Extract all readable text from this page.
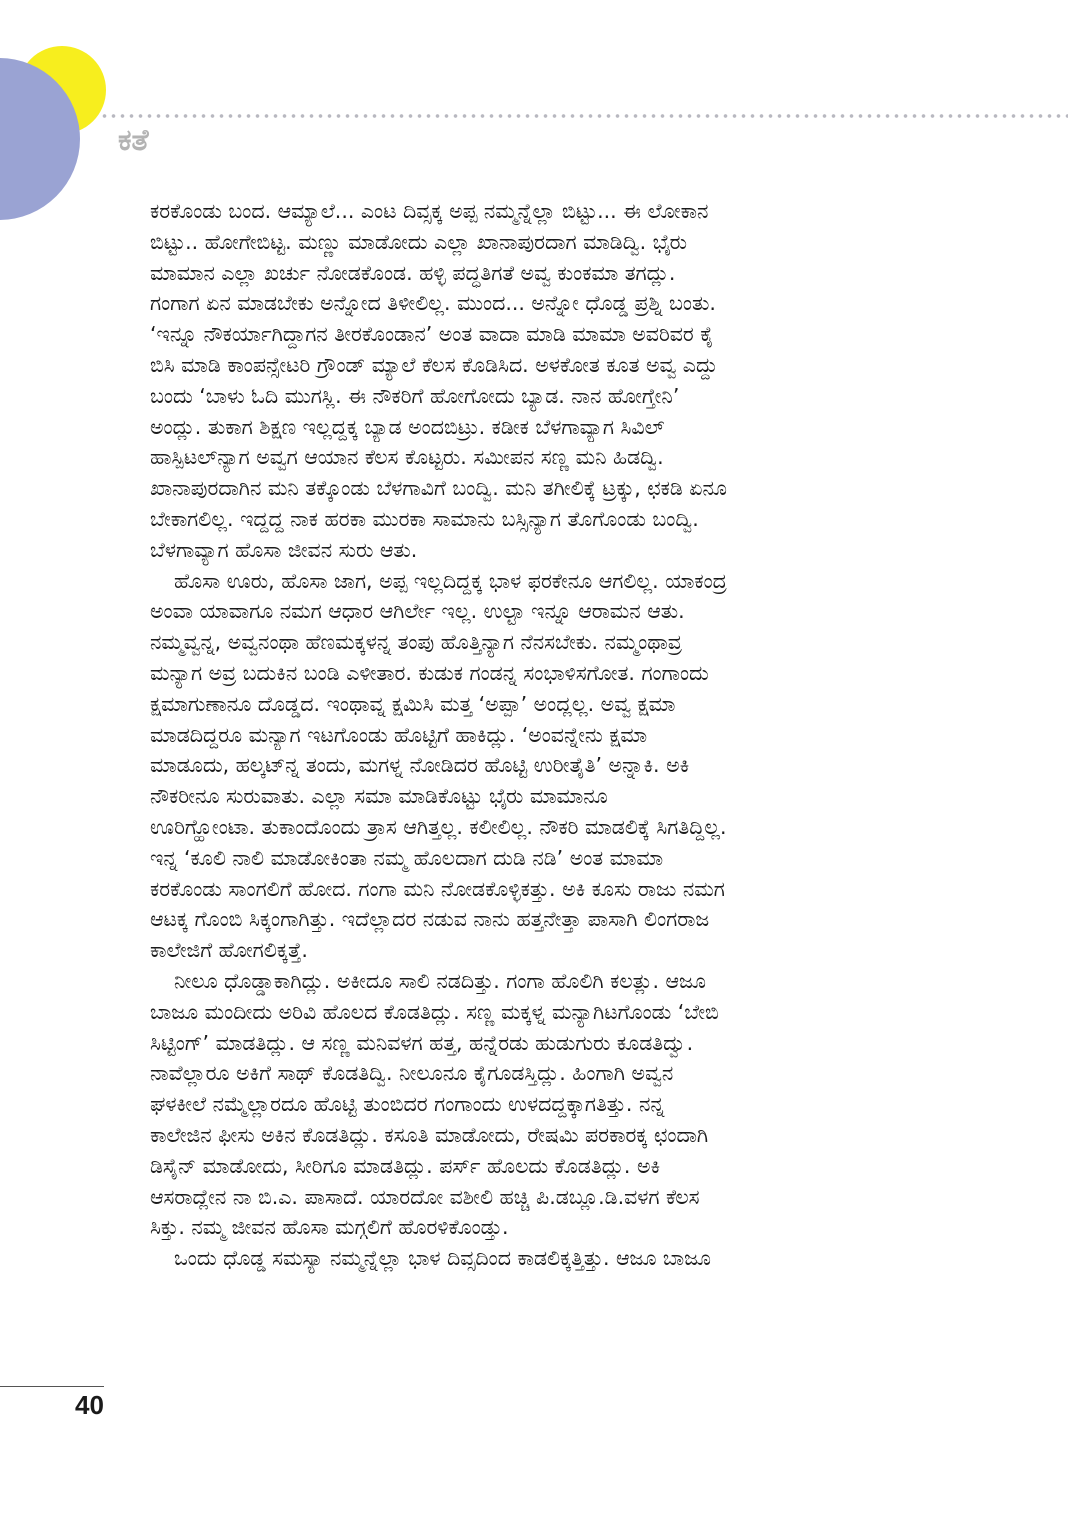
ಕತೆ

ಕರಕೊಂಡು ಬಂದ. ಆಮ್ಯಾಲೆ... ಎಂಟ ದಿವ್ಸಕ್ಕ ಅಪ್ಪ ನಮ್ಮನ್ನೆಲ್ಲಾ ಬಿಟ್ಟು... ಈ ಲೋಕಾನ

ಬಿಟ್ಟು.. ಹೋಗೇಬಿಟ್ಟ. ಮಣ್ಣು ಮಾಡೋದು ಎಲ್ಲಾ ಖಾನಾಪುರದಾಗ ಮಾಡಿದ್ವಿ. ಭೈರು

ಮಾಮಾನ ಎಲ್ಲಾ ಖರ್ಚು ನೋಡಕೊಂಡ. ಹಳ್ಳಿ ಪದ್ಧತಿಗತೆ ಅವ್ವ ಕುಂಕಮಾ ತಗದ್ಲು.

ಗಂಗಾಗ ಏನ ಮಾಡಬೇಕು ಅನ್ನೋದ ತಿಳೀಲಿಲ್ಲ. ಮುಂದ... ಅನ್ನೋ ಧೊಡ್ಡ ಪ್ರಶ್ನಿ ಬಂತು.

‘ಇನ್ನೂ ನೌಕರ್ಯಾಗಿದ್ದಾಗನ ತೀರಕೊಂಡಾನ’ ಅಂತ ವಾದಾ ಮಾಡಿ ಮಾಮಾ ಅವರಿವರ ಕೈ

ಬಿಸಿ ಮಾಡಿ ಕಾಂಪನ್ಸೇಟರಿ ಗ್ರೌಂಡ್ ಮ್ಯಾಲೆ ಕೆಲಸ ಕೊಡಿಸಿದ. ಅಳಕೋತ ಕೂತ ಅವ್ವ ಎದ್ದು

ಬಂದು ‘ಬಾಳು ಓದಿ ಮುಗಸ್ಲಿ. ಈ ನೌಕರಿಗೆ ಹೋಗೋದು ಬ್ಯಾಡ. ನಾನ ಹೋಗ್ತೇನಿ’

ಅಂದ್ಲು. ತುಕಾಗ ಶಿಕ್ಷಣ ಇಲ್ಲದ್ದಕ್ಕ ಬ್ಯಾಡ ಅಂದಬಿಟ್ರು. ಕಡೀಕ ಬೆಳಗಾವ್ಯಾಗ ಸಿವಿಲ್

ಹಾಸ್ಪಿಟಲ್‌ನ್ಯಾಗ ಅವ್ವಗ ಆಯಾನ ಕೆಲಸ ಕೊಟ್ಟರು. ಸಮೀಪನ ಸಣ್ಣ ಮನಿ ಹಿಡದ್ವಿ.

ಖಾನಾಪುರದಾಗಿನ ಮನಿ ತಕ್ಕೊಂಡು ಬೆಳಗಾವಿಗೆ ಬಂದ್ವಿ. ಮನಿ ತಗೀಲಿಕ್ಕೆ ಟ್ರಕ್ಕು, ಛಕಡಿ ಏನೂ

ಬೇಕಾಗಲಿಲ್ಲ. ಇದ್ದದ್ದ ನಾಕ ಹರಕಾ ಮುರಕಾ ಸಾಮಾನು ಬಸ್ಸಿನ್ಯಾಗ ತೊಗೊಂಡು ಬಂದ್ವಿ.

ಬೆಳಗಾವ್ಯಾಗ ಹೊಸಾ ಜೀವನ ಸುರು ಆತು.

ಹೊಸಾ ಊರು, ಹೊಸಾ ಜಾಗ, ಅಪ್ಪ ಇಲ್ಲದಿದ್ದಕ್ಕ ಭಾಳ ಫರಕೇನೂ ಆಗಲಿಲ್ಲ. ಯಾಕಂದ್ರ

ಅಂವಾ ಯಾವಾಗೂ ನಮಗ ಆಧಾರ ಆಗಿರ್ಲೇ ಇಲ್ಲ. ಉಲ್ಟಾ ಇನ್ನೂ ಆರಾಮನ ಆತು.

ನಮ್ಮವ್ವನ್ನ, ಅವ್ವನಂಥಾ ಹೆಣಮಕ್ಕಳನ್ನ ತಂಪು ಹೊತ್ತಿನ್ಯಾಗ ನೆನಸಬೇಕು. ನಮ್ಮಂಥಾವ್ರ

ಮನ್ಯಾಗ ಅವ್ರ ಬದುಕಿನ ಬಂಡಿ ಎಳೀತಾರ. ಕುಡುಕ ಗಂಡನ್ನ ಸಂಭಾಳಿಸಗೋತ. ಗಂಗಾಂದು

ಕ್ಷಮಾಗುಣಾನೂ ದೊಡ್ಡದ. ಇಂಥಾವ್ನ ಕ್ಷಮಿಸಿ ಮತ್ತ ‘ಅಪ್ಪಾ’ ಅಂದ್ಲಲ್ಲ. ಅವ್ವ ಕ್ಷಮಾ

ಮಾಡದಿದ್ದರೂ ಮನ್ಯಾಗ ಇಟಗೊಂಡು ಹೊಟ್ಟಿಗೆ ಹಾಕಿದ್ಲು. ‘ಅಂವನ್ನೇನು ಕ್ಷಮಾ

ಮಾಡೂದು, ಹಲ್ಕಟ್‌ನ್ನ ತಂದು, ಮಗಳ್ನ ನೋಡಿದರ ಹೊಟ್ಟಿ ಉರೀತೈತಿ’ ಅನ್ನಾಕಿ. ಅಕಿ

ನೌಕರೀನೂ ಸುರುವಾತು. ಎಲ್ಲಾ ಸಮಾ ಮಾಡಿಕೊಟ್ಟು ಭೈರು ಮಾಮಾನೂ

ಊರಿಗ್ಹೋಂಟಾ. ತುಕಾಂದೊಂದು ತ್ರಾಸ ಆಗಿತ್ತಲ್ಲ. ಕಲೀಲಿಲ್ಲ. ನೌಕರಿ ಮಾಡಲಿಕ್ಕೆ ಸಿಗತಿದ್ದಿಲ್ಲ.

ಇನ್ನ ‘ಕೂಲಿ ನಾಲಿ ಮಾಡೋಕಿಂತಾ ನಮ್ಮ ಹೊಲದಾಗ ದುಡಿ ನಡಿ’ ಅಂತ ಮಾಮಾ

ಕರಕೊಂಡು ಸಾಂಗಲಿಗೆ ಹೋದ. ಗಂಗಾ ಮನಿ ನೋಡಕೊಳ್ಳಿಕತ್ತು. ಅಕಿ ಕೂಸು ರಾಜು ನಮಗ

ಆಟಕ್ಕ ಗೊಂಬಿ ಸಿಕ್ಕಂಗಾಗಿತ್ತು. ಇದೆಲ್ಲಾದರ ನಡುವ ನಾನು ಹತ್ತನೇತ್ತಾ ಪಾಸಾಗಿ ಲಿಂಗರಾಜ

ಕಾಲೇಜಿಗೆ ಹೋಗಲಿಕ್ಕತ್ತೆ.

ನೀಲೂ ಧೊಡ್ಡಾಕಾಗಿದ್ಲು. ಅಕೀದೂ ಸಾಲಿ ನಡದಿತ್ತು. ಗಂಗಾ ಹೊಲಿಗಿ ಕಲತ್ಲು. ಆಜೂ

ಬಾಜೂ ಮಂದೀದು ಅರಿವಿ ಹೊಲದ ಕೊಡತಿದ್ಲು. ಸಣ್ಣ ಮಕ್ಕಳ್ನ ಮನ್ಯಾಗಿಟಗೊಂಡು ‘ಬೇಬಿ

ಸಿಟ್ಟಿಂಗ್’ ಮಾಡತಿದ್ಲು. ಆ ಸಣ್ಣ ಮನಿವಳಗ ಹತ್ತ, ಹನ್ನೆರಡು ಹುಡುಗುರು ಕೂಡತಿದ್ವು.

ನಾವೆಲ್ಲಾರೂ ಅಕಿಗೆ ಸಾಥ್ ಕೊಡತಿದ್ವಿ. ನೀಲೂನೂ ಕೈಗೂಡಸ್ತಿದ್ಲು. ಹಿಂಗಾಗಿ ಅವ್ವನ

ಘಳಕೀಲೆ ನಮ್ಮೆಲ್ಲಾರದೂ ಹೊಟ್ಟಿ ತುಂಬಿದರ ಗಂಗಾಂದು ಉಳದದ್ದಕ್ಕಾಗತಿತ್ತು. ನನ್ನ

ಕಾಲೇಜಿನ ಫೀಸು ಅಕಿನ ಕೊಡತಿದ್ಲು. ಕಸೂತಿ ಮಾಡೋದು, ರೇಷಮಿ ಪರಕಾರಕ್ಕ ಛಂದಾಗಿ

ಡಿಸೈನ್ ಮಾಡೋದು, ಸೀರಿಗೂ ಮಾಡತಿದ್ಲು. ಪರ್ಸ್ ಹೊಲದು ಕೊಡತಿದ್ಲು. ಅಕಿ

ಆಸರಾದ್ಲೇನ ನಾ ಬಿ.ಎ. ಪಾಸಾದೆ. ಯಾರದೋ ವಶೀಲಿ ಹಚ್ಚಿ ಪಿ.ಡಬ್ಲೂ.ಡಿ.ವಳಗ ಕೆಲಸ

ಸಿಕ್ತು. ನಮ್ಮ ಜೀವನ ಹೊಸಾ ಮಗ್ಗಲಿಗೆ ಹೊರಳಿಕೊಂಡ್ತು.

ಒಂದು ಧೊಡ್ಡ ಸಮಸ್ಯಾ ನಮ್ಮನ್ನೆಲ್ಲಾ ಭಾಳ ದಿವ್ಸದಿಂದ ಕಾಡಲಿಕ್ಕತ್ತಿತ್ತು. ಆಜೂ ಬಾಜೂ

40
